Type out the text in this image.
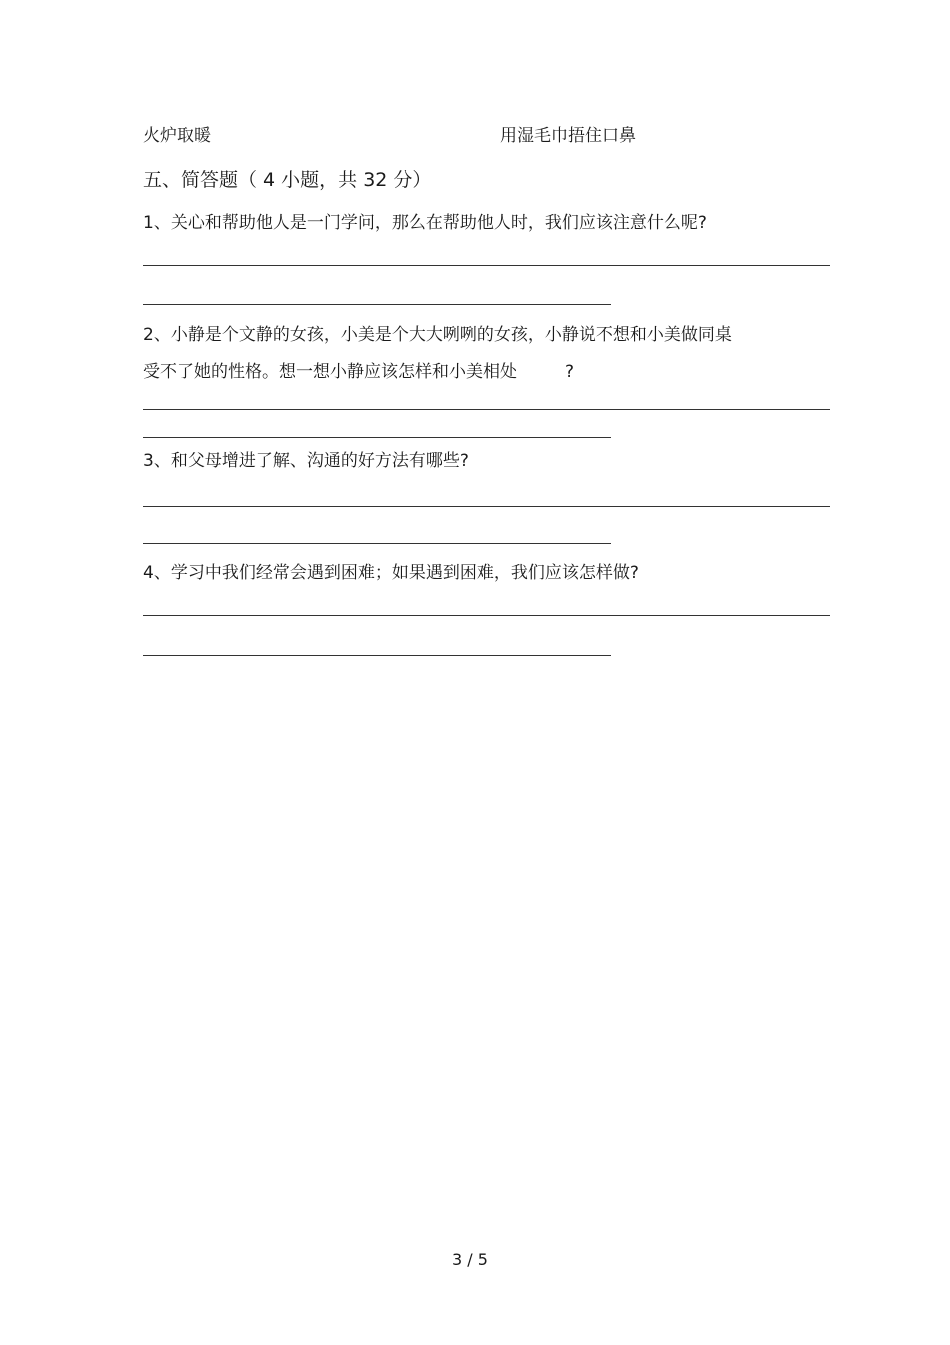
火炉取暖	用湿毛巾捂住口鼻
五、简答题（ 4 小题，共 32 分）
1、关心和帮助他人是一门学问，那么在帮助他人时，我们应该注意什么呢?
2、小静是个文静的女孩，小美是个大大咧咧的女孩，小静说不想和小美做同桌
受不了她的性格。想一想小静应该怎样和小美相处	?
3、和父母增进了解、沟通的好方法有哪些?
4、学习中我们经常会遇到困难；如果遇到困难，我们应该怎样做?
3 / 5
